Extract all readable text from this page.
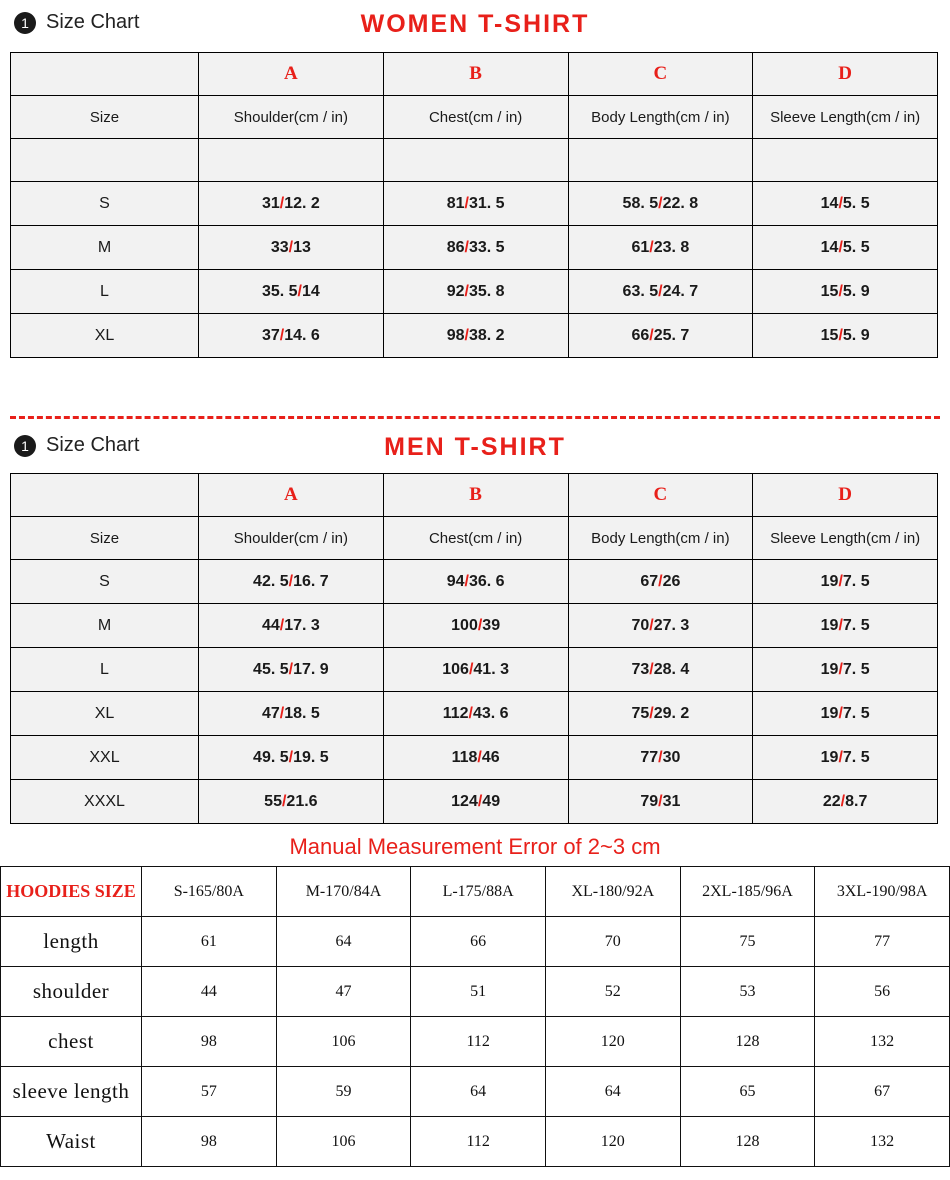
1 Size Chart	WOMEN T-SHIRT
	A	B	C	D
Size	Shoulder(cm / in)	Chest(cm / in)	Body Length(cm / in)	Sleeve Length(cm / in)

S	31/12. 2	81/31. 5	58. 5/22. 8	14/5. 5
M	33/13	86/33. 5	61/23. 8	14/5. 5
L	35. 5/14	92/35. 8	63. 5/24. 7	15/5. 9
XL	37/14. 6	98/38. 2	66/25. 7	15/5. 9
1 Size Chart	MEN T-SHIRT
	A	B	C	D
Size	Shoulder(cm / in)	Chest(cm / in)	Body Length(cm / in)	Sleeve Length(cm / in)
S	42. 5/16. 7	94/36. 6	67/26	19/7. 5
M	44/17. 3	100/39	70/27. 3	19/7. 5
L	45. 5/17. 9	106/41. 3	73/28. 4	19/7. 5
XL	47/18. 5	112/43. 6	75/29. 2	19/7. 5
XXL	49. 5/19. 5	118/46	77/30	19/7. 5
XXXL	55/21.6	124/49	79/31	22/8.7
Manual Measurement Error of 2~3 cm
HOODIES SIZE	S-165/80A	M-170/84A	L-175/88A	XL-180/92A	2XL-185/96A	3XL-190/98A
length	61	64	66	70	75	77
shoulder	44	47	51	52	53	56
chest	98	106	112	120	128	132
sleeve length	57	59	64	64	65	67
Waist	98	106	112	120	128	132
